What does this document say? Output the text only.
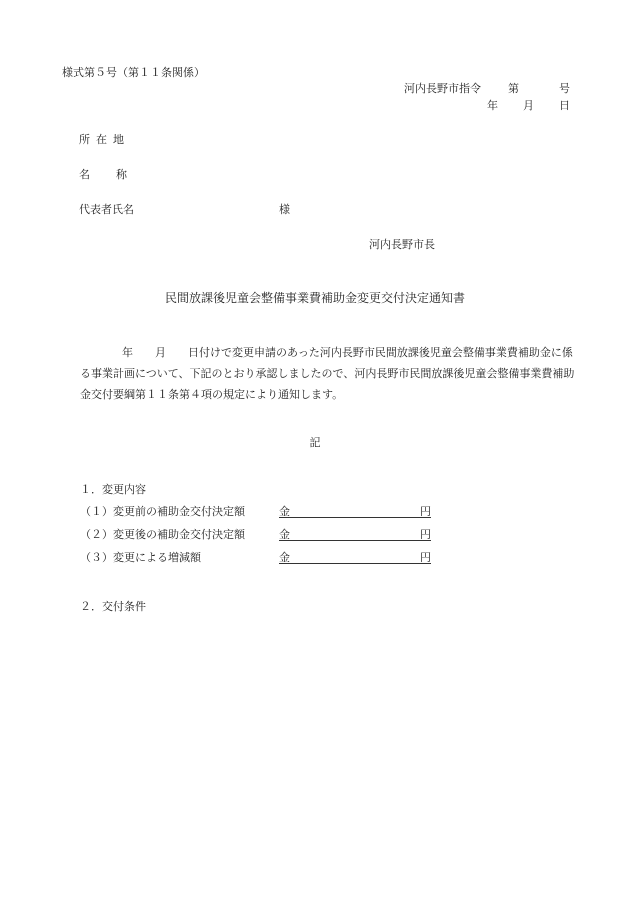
様式第５号（第１１条関係）
河内長野市指令 第	号
年 月 日
所在地
名称
代表者氏名	様
河内長野市長
民間放課後児童会整備事業費補助金変更交付決定通知書
年　　月　　日付けで変更申請のあった河内長野市民間放課後児童会整備事業費補助金に係る事業計画について、下記のとおり承認しましたので、河内長野市民間放課後児童会整備事業費補助金交付要綱第１１条第４項の規定により通知します。
記
１．変更内容
（１）変更前の補助金交付決定額	金	円
（２）変更後の補助金交付決定額	金	円
（３）変更による増減額	金	円
２．交付条件
